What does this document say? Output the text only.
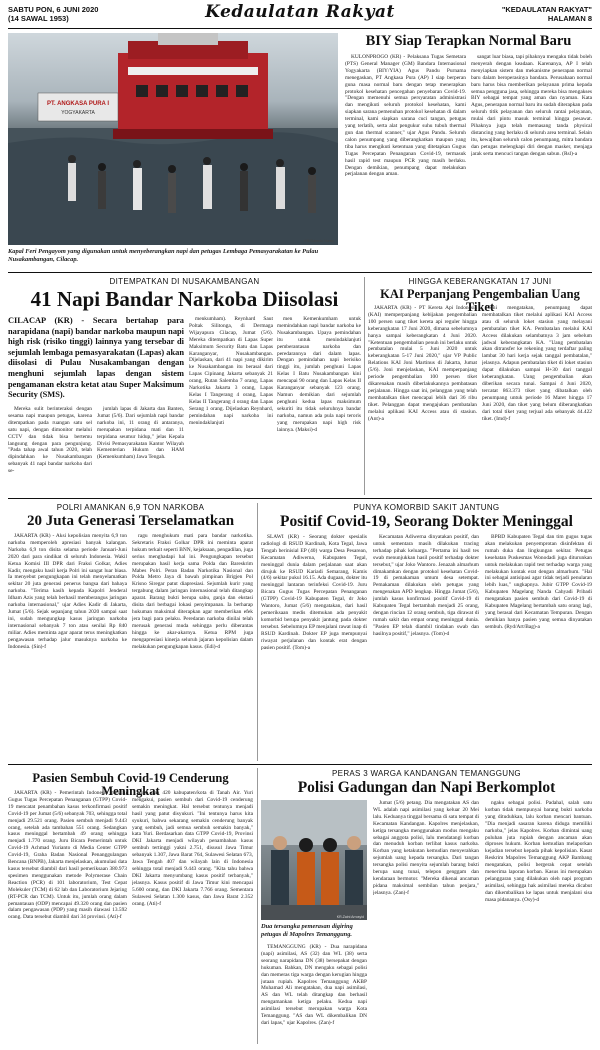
SABTU PON, 6 JUNI 2020
(14 SAWAL 1953)	Kedaulatan Rakyat	"KEDAULATAN RAKYAT"
HALAMAN 8
PT. ANGKASA PURA I
YOGYAKARTA
KR/Sukanto Nursiy
Kapal Feri Pengayom yang digunakan untuk menyeberangkan napi dan petugas Lembaga Pemasyarakatan ke Pulau Nusakambangan, Cilacap.
BIY Siap Terapkan Normal Baru

KULONPROGO (KR) - Pelaksana Tugas Semetara (PTS) General Manager (GM) Bandara Internasional Yogyakarta (BIY/YIA) Agus Pandu Purnama menegaskan, PT Angkasa Pura (AP) I siap berperan guna masa normal baru dengan tetap menerapkan protokol kesehatan pencegahan penyebaran Covid-19. "Dengan memenuhi semua persyaratan administrasi dan mengikuti seluruh protokol kesehatan, kami siapkan sarana pemenuhan protokol kesehatan di dalam terminal, kami siapkan sarana cuci tangan, petugas yang terlatih, serta alat pengukur suhu tubuh thermal gun dan thermal scanner," ujar Agus Pandu. Seluruh calon penumpang yang diberangkatkan maupun yang tiba harus mengikuti ketentuan yang ditetapkan Gugus Tugas Percepatan Penanganan Covid-19, termasuk hasil rapid test maupun PCR yang masih berlaku. Dengan demikian, penumpang dapat melakukan perjalanan dengan aman.

sangat luar biasa, tapi pihaknya mengaku tidak boleh menyerah dengan keadaan. Karenanya, AP I telah menyiapkan sistem dan mekanisme penerapan normal baru dalam beroperasinya bandara. Perusahaan normal baru harus bisa memberikan pelayanan prima kepada semua pengguna jasa, sehingga mereka bisa mengakses BIY sebagai tempat yang aman dan nyaman. Kata Agus, penerapan normal baru itu sudah diterapkan pada seluruh titik pelayanan dan seluruh rantai pelayanan, mulai dari pintu masuk terminal hingga pesawat. Pihaknya juga telah memasang tanda physical distancing yang berlaku di seluruh area terminal. Selain itu, kewajiban seluruh calon penumpang, mitra bandara dan petugas melengkapi diri dengan masker, menjaga jarak serta mencuci tangan dengan sabun. (Rsl)-a

DITEMPATKAN DI NUSAKAMBANGAN
41 Napi Bandar Narkoba Diisolasi
CILACAP (KR) - Secara bertahap para narapidana (napi) bandar narkoba maupun napi high risk (risiko tinggi) lainnya yang tersebar di sejumlah lembaga pemasyarakatan (Lapas) akan diisolasi di Pulau Nusakambangan dengan menghuni sejumlah lapas dengan sistem pengamanan ekstra ketat atau Super Maksimum Security (SMS).

Mereka sulit berinteraksi dengan sesama napi maupun petugas, karena ditempatkan pada ruangan satu sel satu napi, dengan dimonitor melalui CCTV dan tidak bisa bertemu langsung dengan para pengunjung. "Pada tahap awal tahun 2020, telah dipindahkan ke Nusakambangan sebanyak 41 napi bandar narkoba dari se-

jumlah lapas di Jakarta dan Banten, Jumat (5/6). Dari sejumlah napi bandar narkoba ini, 11 orang di antaranya, merupakan terpidana mati dan 11 terpidana seumur hidup," jelas Kepala Divisi Pemasyarakatan Kantor Wilayah Kementerian Hukum dan HAM (Kemenkumham) Jawa Tengah.

menkumham). Reynhard Saut Poltak Silitonga, di Dermaga Wijayapura Cilacap, Jumat (5/6). Mereka ditempatkan di Lapas Super Maksimum Security Batu dan Lapas Karanganyar, Nusakambangan. Dijelaskan, dari 41 napi yang dikirim ke Nusakambangan itu berasal dari Lapas Cipinang Jakarta sebanyak 21 orang, Rutan Salemba 7 orang, Lapas Narkotika Jakarta 3 orang, Lapas Kelas I Tangerang 4 orang, Lapas Kelas II Tangerang 4 orang dan Lapas Serang 1 orang. Dijelaskan Reynhard, pemindahan napi narkoba ini menindaklanjuti

men Kemenkumham untuk memindahkan napi bandar narkoba ke Nusakambangan. Upaya pemindahan itu untuk menindaklanjuti pemberantasan narkoba dan peredarannya dari dalam lapas. Dengan pemindahan napi berisiko tinggi itu, jumlah penghuni Lapas Kelas I Batu Nusakambangan kini mencapai 90 orang dan Lapas Kelas II Karanganyar sebanyak 123 orang. Namun demikian dari sejumlah penghuni kedua lapas maksimum sekuriti itu tidak seluruhnya bandar narkoba, namun ada pula napi teroris yang merupakan napi high risk lainnya. (Maksi)-d

HINGGA KEBERANGKATAN 17 JUNI
KAI Perpanjang Pengembalian Uang Tiket

JAKARTA (KR) - PT Kereta Api Indonesia (KAI) memperpanjang kebijakan pengembalian 100 persen uang tiket kereta api reguler hingga keberangkatan 17 Juni 2020, dimana sebelumnya hanya sampai keberangkatan 4 Juni 2020. "Ketentuan pengembalian penuh ini berlaku untuk pembatalan mulai 5 Juni 2020 untuk keberangkatan 5-17 Juni 2020," ujar VP Public Relations KAI Joni Martinus di Jakarta, Jumat (5/6). Joni menjelaskan, KAI memperpanjang periode pengembalian 100 persen tiket dikarenakan masih diberlakukannya pembatasan perjalanan. Hingga saat ini, pelanggan yang telah membatalkan tiket mencapai lebih dari 36 ribu tiket. Pelanggan dapat mengajukan pembatalan melalui aplikasi KAI Access atau di stasiun. (Ant)-a

Joni mengatakan, penumpang dapat membatalkan tiket melalui aplikasi KAI Access atau di seluruh loket stasiun yang melayani pembatalan tiket KA. Pembatalan melalui KAI Access dilakukan selambatnya 3 jam sebelum jadwal keberangkatan KA. "Uang pembatalan akan ditransfer ke rekening yang terdaftar paling lambat 30 hari kerja sejak tanggal pembatalan," jelasnya. Adapun pembatalan tiket di loket stasiun dapat dilakukan sampai H+30 dari tanggal keberangkatan. Uang pengembalian akan diberikan secara tunai. Sampai 4 Juni 2020, tercatat 863.373 tiket yang dibatalkan oleh penumpang untuk periode 16 Maret hingga 17 Juni 2020, dan tiket yang belum diberangkatkan dari total tiket yang terjual ada sebanyak 44.422 tiket. (Imd)-f

POLRI AMANKAN 6,9 TON NARKOBA
20 Juta Generasi Terselamatkan

JAKARTA (KR) - Aksi kepolisian menyita 6,9 ton narkoba memperoleh apresiasi banyak kalangan. Narkoba 6,9 ton disita selama periode Januari-Juni 2020 dari para sindikat di seluruh Indonesia. Wakil Ketua Komisi III DPR dari Fraksi Golkar, Adies Kadir, mengaku hasil kerja Polri ini sangat luar biasa. Ia menyebut pengungkapan ini telah menyelamatkan sekitar 20 juta generasi penerus bangsa dari bahaya narkoba. "Terima kasih kepada Kapolri Jenderal Idham Azis yang telah berhasil memberangus jaringan narkoba internasional," ujar Adies Kadir di Jakarta, Jumat (5/6). Sejak sepanjang tahun 2020 sampai saat ini, sudah mengungkap kasus jaringan narkoba internasional sebanyak 7 ton atau senilai Rp 840 miliar. Adies meminta agar aparat terus meningkatkan pengawasan terhadap jalur masuknya narkoba ke Indonesia. (Sin)-f

ragu menghukum mati para bandar narkotika. Sekretaris Fraksi Golkar DPR ini meminta aparat hukum terkait seperti BNN, kejaksaan, pengadilan, juga serius menghadapi hal ini. Pengungkapan tersebut merupakan hasil kerja sama Polda dan Bareskrim Mabes Polri. Peran Badan Narkotika Nasional dan Polda Metro Jaya di bawah pimpinan Brigjen Pol Krisno Siregar patut diapresiasi. Sejumlah kurir yang tergabung dalam jaringan internasional telah ditangkap aparat. Barang bukti berupa sabu, ganja dan ekstasi disita dari berbagai lokasi penyimpanan. Ia berharap hukuman maksimal diterapkan agar memberikan efek jera bagi para pelaku. Peredaran narkoba dinilai telah merusak generasi muda sehingga perlu diberantas hingga ke akar-akarnya. Ketua RPM juga mengapresiasi kinerja seluruh jajaran kepolisian dalam melakukan pengungkapan kasus. (Edi)-d

PUNYA KOMORBID SAKIT JANTUNG
Positif Covid-19, Seorang Dokter Meninggal

SLAWI (KR) - Seorang dokter spesialis radiologi di RSUD Kardinah, Kota Tegal, Jawa Tengah berinisial EP (40) warga Desa Pesarean, Kecamatan Adiwerna, Kabupaten Tegal, meninggal dunia dalam perjalanan saat akan dirujuk ke RSUD Kariadi Semarang, Kamis (4/6) sekitar pukul 16.15. Ada dugaan, dokter itu meninggal lantaran terinfeksi Covid-19. Juru Bicara Gugus Tugas Percepatan Penanganan (GTPP) Covid-19 Kabupaten Tegal, dr Joko Wantoro, Jumat (5/6) mengatakan, dari hasil pemeriksaan medis ditemukan ada penyakit komorbid berupa penyakit jantung pada dokter tersebut. Sebelumnya EP menjalani rawat inap di RSUD Kardinah. Dokter EP juga mempunyai riwayat perjalanan dan kontak erat dengan pasien positif. (Tom)-a

Kecamatan Adiwerna dinyatakan positif, dan untuk sementara masih dilakukan tracing terhadap pihak keluarga. "Pertama ini hasil tes swab menunjukkan hasil positif terhadap dokter tersebut," ujar Joko Wantoro. Jenazah almarhum dimakamkan dengan protokol kesehatan Covid-19 di pemakaman umum desa setempat. Pemakaman dilakukan oleh petugas yang mengenakan APD lengkap. Hingga Jumat (5/6), jumlah kasus konfirmasi positif Covid-19 di Kabupaten Tegal bertambah menjadi 25 orang, dengan rincian 12 orang sembuh, tiga dirawat di rumah sakit dan empat orang meninggal dunia. "Pasien EP telah diambil tindakan swab dan hasilnya positif," jelasnya. (Tom)-d

BPBD Kabupaten Tegal dan tim gugus tugas akan melakukan penyemprotan disinfektan di rumah duka dan lingkungan sekitar. Petugas kesehatan Puskesmas Wonodadi juga diturunkan untuk melakukan rapid test terhadap warga yang melakukan kontak erat dengan almarhum. "Hal ini sebagai antisipasi agar tidak terjadi penularan lebih luas," ungkapnya. Jubir GTPP Covid-19 Kabupaten Magelang Nanda Cahyadi Pribadi mengatakan pasien sembuh dari Covid-19 di Kabupaten Magelang bertambah satu orang lagi, yang berasal dari Kecamatan Tempuran. Dengan demikian hanya pasien yang semua dinyatakan sembuh. (Ryd/Art/Bag)-a

Pasien Sembuh Covid-19 Cenderung Meningkat

JAKARTA (KR) - Pemerintah Indonesia melalui Gugus Tugas Percepatan Penanganan (GTPP) Covid-19 mencatat penambahan kasus terkonfirmasi positif Covid-19 per Jumat (5/6) sebanyak 703, sehingga total menjadi 29.521 orang. Pasien sembuh menjadi 9.443 orang, setelah ada tambahan 551 orang. Sedangkan kasus meninggal bertambah 49 orang sehingga menjadi 1.770 orang. Juru Bicara Pemerintah untuk Covid-19 Achmad Yurianto di Media Center GTPP Covid-19, Graha Badan Nasional Penanggulangan Bencana (BNPB), Jakarta menjelaskan, akumulasi data kasus tersebut diambil dari hasil pemeriksaan 380.973 spesimen menggunakan metode Polymerase Chain Reaction (PCR) di 101 laboratorium, Test Cepat Molekuler (TCM) di 62 lab dan Laboratorium Jejaring (RT-PCR dan TCM). Untuk itu, jumlah orang dalam pemantauan (ODP) mencapai 49.320 orang dan pasien dalam pengawasan (PDP) yang masih diawasi 13.592 orang. Data tersebut diambil dari 34 provinsi. (Ati)-f

vinsi dan 420 kabupaten/kota di Tanah Air. Yuri mengakui, pasien sembuh dari Covid-19 cenderung semakin meningkat. Hal tersebut tentunya menjadi hasil yang patut disyukuri. "Ini tentunya harus kita syukuri, bahwa sekarang semakin cenderung banyak yang sembuh, jadi semua sembuh semakin banyak," kata Yuri. Berdasarkan data GTPP Covid-19, Provinsi DKI Jakarta menjadi wilayah penambahan kasus sembuh tertinggi yakni 2.751, disusul Jawa Timur sebanyak 1.307, Jawa Barat 764, Sulawesi Selatan 673, Jawa Tengah 407 dan wilayah lain di Indonesia sehingga total menjadi 9.443 orang. "Kita tahu bahwa DKI Jakarta menyumbang kasus positif terbanyak," jelasnya. Kasus positif di Jawa Timur kini mencapai 5.600 orang, dan DKI Jakarta 7.766 orang. Sementara Sulawesi Selatan 1.300 kasus, dan Jawa Barat 2.352 orang. (Ati)-f

PERAS 3 WARGA KANDANGAN TEMANGGUNG
Polisi Gadungan dan Napi Berkomplot
KR-Zaini Arrosyid
Dua tersangka pemerasan digiring petugas di Mapolres Temanggung.

TEMANGGUNG (KR) - Dua narapidana (napi) asimilasi, AS (32) dan WL (38) serta seorang narapidana DN (38) bersepakat dengan hukuman. Bahkan, DN mengaku sebagai polisi dan memeras tiga warga dengan kerugian hingga jutaan rupiah. Kapolres Temanggung AKBP Muhamad Ali mengatakan, dua napi asimilasi, AS dan WL telah ditangkap dan berhasil mengamankan ketiga pelaku. Kedua napi asimilasi tersebut merupakan warga Kota Temanggung. "AS dan WL dikembalikan DN dari lapas," ujar Kapolres. (Zan)-f

Jumat (5/6) petang. Dia mengatakan AS dan WL adalah napi asimilasi yang keluar 20 Mei lalu. Keduanya tinggal bersama di satu tempat di Kecamatan Kandangan. Kapolres menjelaskan, ketiga tersangka menggunakan modus mengaku sebagai anggota polisi, lalu mendatangi korban dan menuduh korban terlibat kasus narkoba. Korban yang ketakutan kemudian menyerahkan sejumlah uang kepada tersangka. Dari tangan tersangka polisi menyita sejumlah barang bukti berupa uang tunai, telepon genggam dan kendaraan bermotor. "Mereka dikenai ancaman pidana maksimal sembilan tahun penjara," jelasnya. (Zan)-f

ngaku sebagai polisi. Padahal, salah satu korban tidak mempunyai barang bukti narkoba yang dituduhkan, lalu korban mencari bantuan. "Dia menjadi sasaran karena diduga memiliki narkoba," jelas Kapolres. Korban dimintai uang puluhan juta rupiah dengan ancaman akan diproses hukum. Korban kemudian melaporkan kejadian tersebut kepada pihak kepolisian. Kasat Reskrim Mapolres Temanggung AKP Bambang mengatakan, polisi bergerak cepat setelah menerima laporan korban. Kasus ini merupakan pelanggaran yang dilakukan oleh napi program asimilasi, sehingga hak asimilasi mereka dicabut dan dikembalikan ke lapas untuk menjalani sisa masa pidananya. (Osy)-d
